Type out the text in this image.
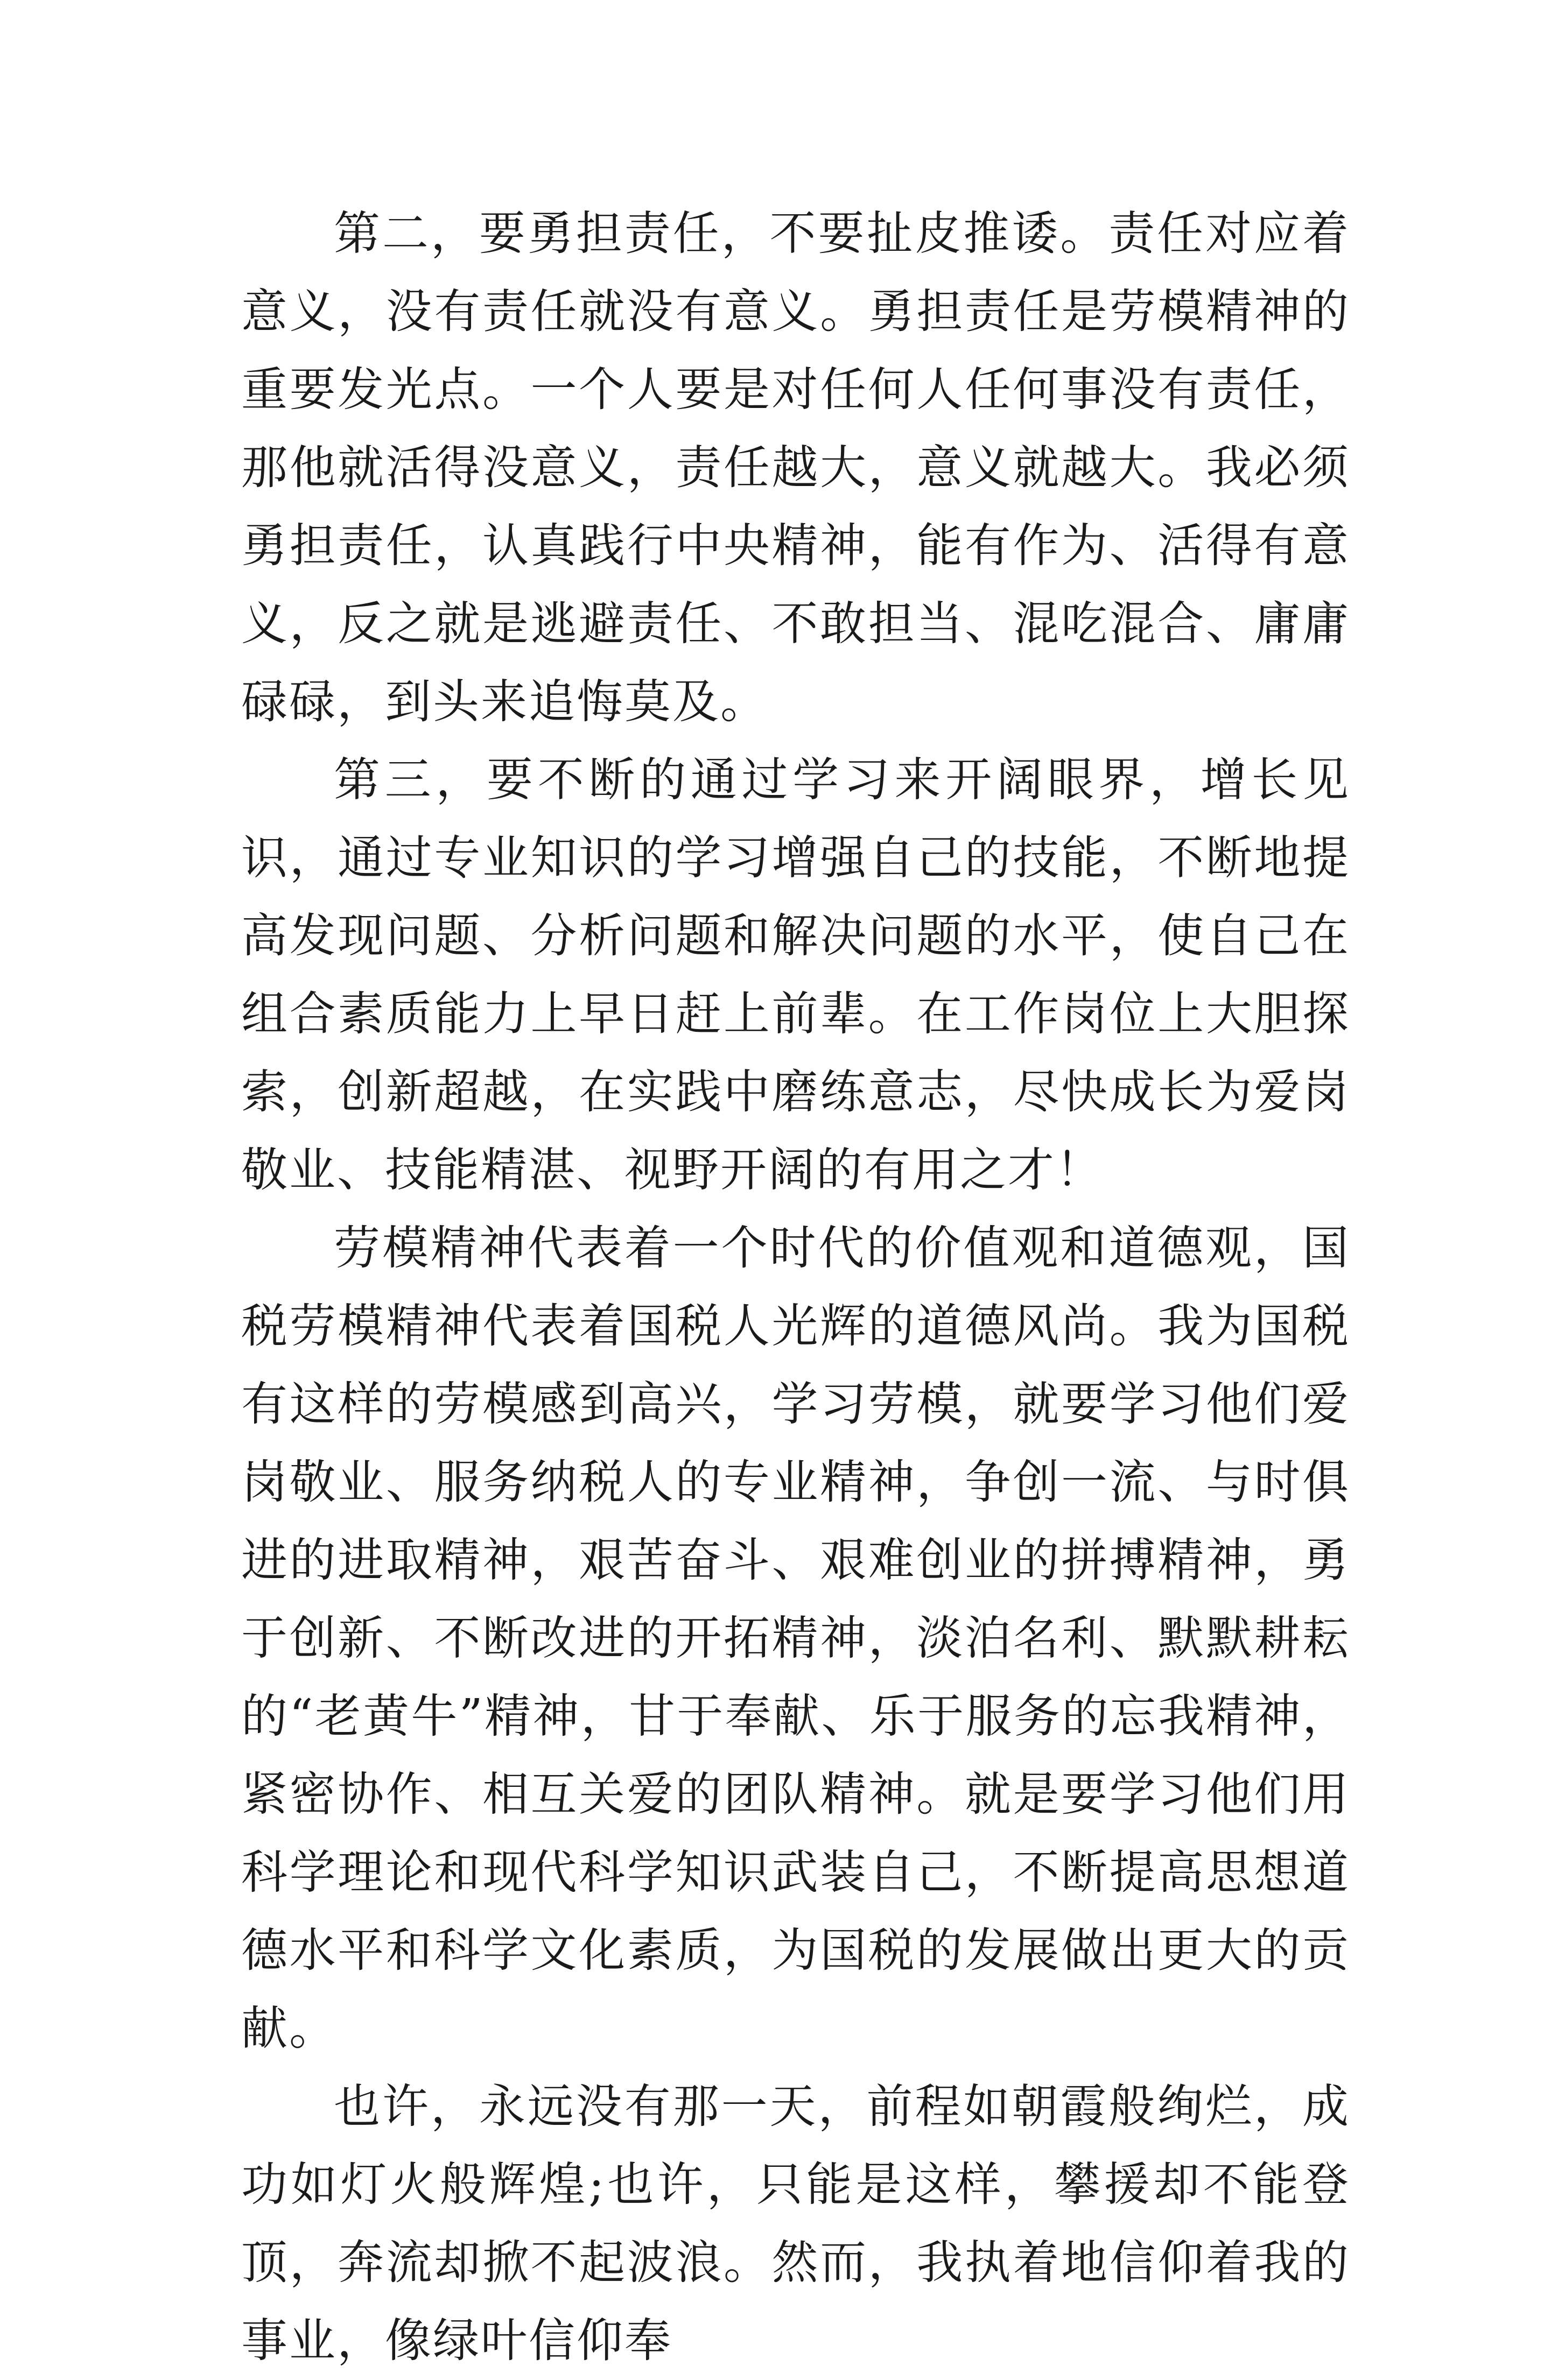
第二，要勇担责任，不要扯皮推诿。责任对应着意义，没有责任就没有意义。勇担责任是劳模精神的重要发光点。一个人要是对任何人任何事没有责任，那他就活得没意义，责任越大，意义就越大。我必须勇担责任，认真践行中央精神，能有作为、活得有意义，反之就是逃避责任、不敢担当、混吃混合、庸庸碌碌，到头来追悔莫及。

第三，要不断的通过学习来开阔眼界，增长见识，通过专业知识的学习增强自己的技能，不断地提高发现问题、分析问题和解决问题的水平，使自己在组合素质能力上早日赶上前辈。在工作岗位上大胆探索，创新超越，在实践中磨练意志，尽快成长为爱岗敬业、技能精湛、视野开阔的有用之才！

劳模精神代表着一个时代的价值观和道德观，国税劳模精神代表着国税人光辉的道德风尚。我为国税有这样的劳模感到高兴，学习劳模，就要学习他们爱岗敬业、服务纳税人的专业精神，争创一流、与时俱进的进取精神，艰苦奋斗、艰难创业的拼搏精神，勇于创新、不断改进的开拓精神，淡泊名利、默默耕耘的“老黄牛”精神，甘于奉献、乐于服务的忘我精神，紧密协作、相互关爱的团队精神。就是要学习他们用科学理论和现代科学知识武装自己，不断提高思想道德水平和科学文化素质，为国税的发展做出更大的贡献。

也许，永远没有那一天，前程如朝霞般绚烂，成功如灯火般辉煌;也许，只能是这样，攀援却不能登顶，奔流却掀不起波浪。然而，我执着地信仰着我的事业，像绿叶信仰奉
